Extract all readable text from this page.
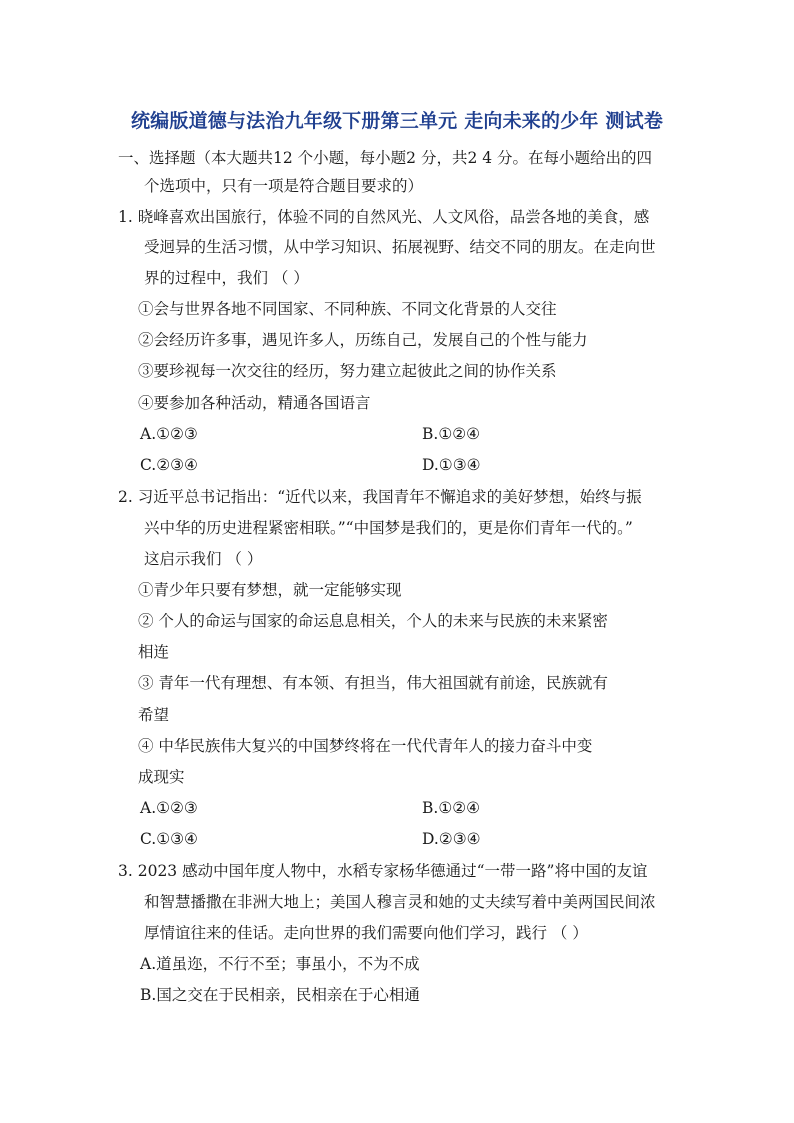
统编版道德与法治九年级下册第三单元 走向未来的少年 测试卷
一、选择题（本大题共12 个小题，每小题2 分，共2 4 分。在每小题给出的四
个选项中，只有一项是符合题目要求的）
1. 晓峰喜欢出国旅行，体验不同的自然风光、人文风俗，品尝各地的美食，感
受迥异的生活习惯，从中学习知识、拓展视野、结交不同的朋友。在走向世
界的过程中，我们 （ ）
①会与世界各地不同国家、不同种族、不同文化背景的人交往
②会经历许多事，遇见许多人，历练自己，发展自己的个性与能力
③要珍视每一次交往的经历，努力建立起彼此之间的协作关系
④要参加各种活动，精通各国语言
A.①②③	B.①②④
C.②③④	D.①③④
2. 习近平总书记指出：“近代以来，我国青年不懈追求的美好梦想，始终与振
兴中华的历史进程紧密相联。”“中国梦是我们的，更是你们青年一代的。”
这启示我们 （ ）
①青少年只要有梦想，就一定能够实现
② 个人的命运与国家的命运息息相关，个人的未来与民族的未来紧密
相连
③ 青年一代有理想、有本领、有担当，伟大祖国就有前途，民族就有
希望
④ 中华民族伟大复兴的中国梦终将在一代代青年人的接力奋斗中变
成现实
A.①②③	B.①②④
C.①③④	D.②③④
3. 2023 感动中国年度人物中，水稻专家杨华德通过“一带一路”将中国的友谊
和智慧播撒在非洲大地上；美国人穆言灵和她的丈夫续写着中美两国民间浓
厚情谊往来的佳话。走向世界的我们需要向他们学习，践行 （ ）
A.道虽迩，不行不至；事虽小，不为不成
B.国之交在于民相亲，民相亲在于心相通
